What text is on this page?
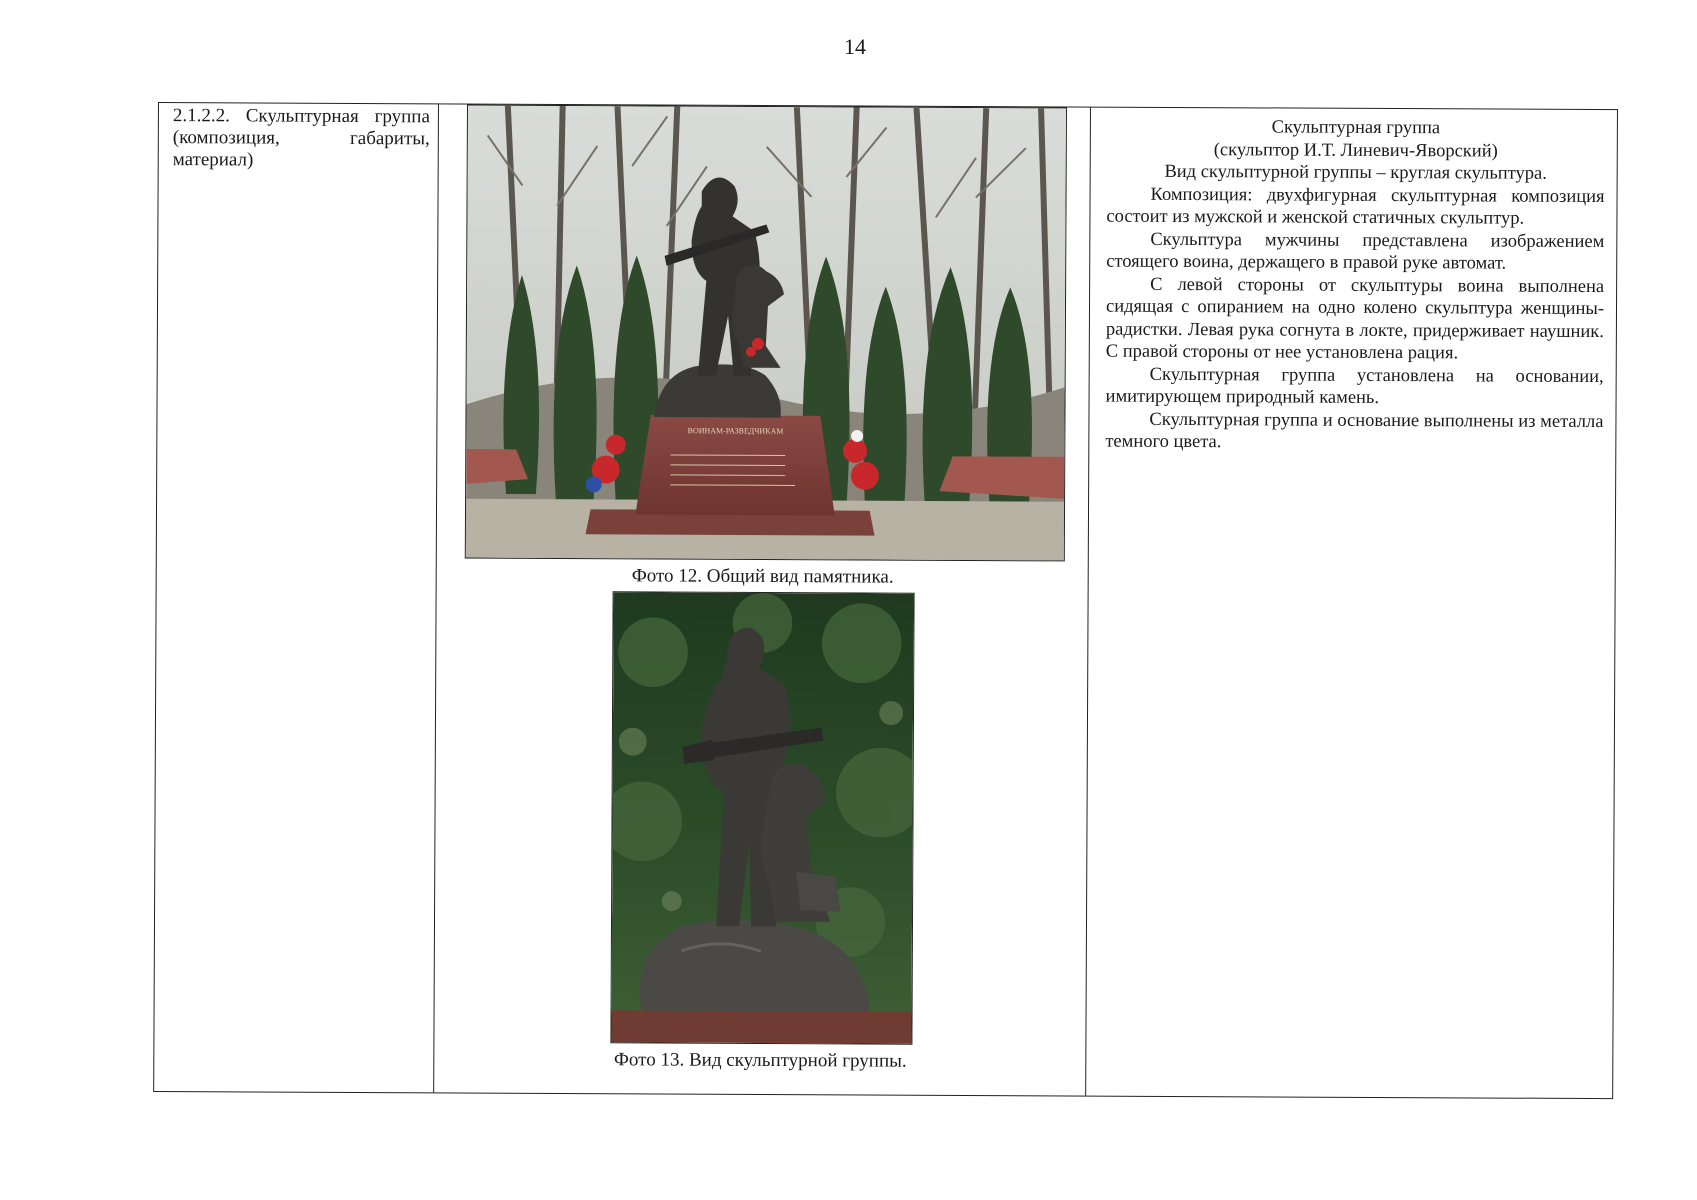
14
2.1.2.2. Скульптурная группа (композиция, габариты, материал)
ВОИНАМ-РАЗВЕДЧИКАМ
Фото 12. Общий вид памятника.
Фото 13. Вид скульптурной группы.
Скульптурная группа
(скульптор И.Т. Линевич-Яворский)
Вид скульптурной группы – круглая скульптура.
Композиция: двухфигурная скульптурная композиция состоит из мужской и женской статичных скульптур.
Скульптура мужчины представлена изображением стоящего воина, держащего в правой руке автомат.
С левой стороны от скульптуры воина выполнена сидящая с опиранием на одно колено скульптура женщины-радистки. Левая рука согнута в локте, придерживает наушник. С правой стороны от нее установлена рация.
Скульптурная группа установлена на основании, имитирующем природный камень.
Скульптурная группа и основание выполнены из металла темного цвета.
